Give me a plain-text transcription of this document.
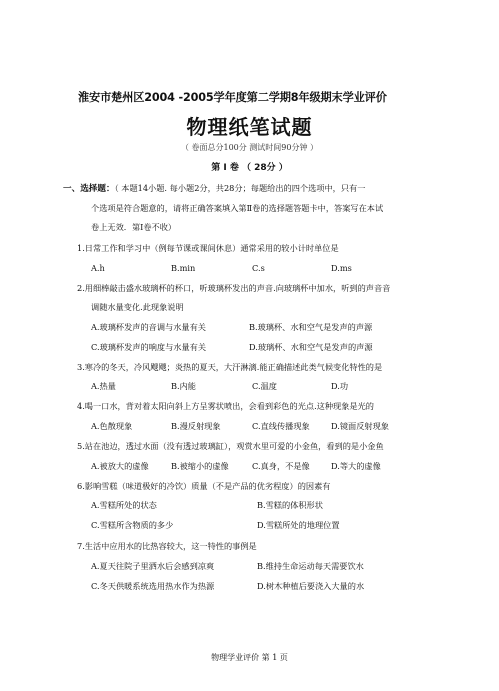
淮安市楚州区2004 -2005学年度第二学期8年级期末学业评价
物理纸笔试题
（ 卷面总分100分 测试时间90分钟 ）
第 Ⅰ 卷 （ 28分 ）
一、选择题：（ 本题14小题. 每小题2分，共28分；每题给出的四个选项中，只有一
个选项是符合题意的，请将正确答案填入第Ⅱ卷的选择题答题卡中，答案写在本试
卷上无效．第Ⅰ卷不收）
1.日常工作和学习中（例每节课或课间休息）通常采用的较小计时单位是
A.h	B.min	C.s	D.ms
2.用细棒敲击盛水玻璃杯的杯口，听玻璃杯发出的声音.向玻璃杯中加水，听到的声音音
调随水量变化.此现象说明
A.玻璃杯发声的音调与水量有关	B.玻璃杯、水和空气是发声的声源
C.玻璃杯发声的响度与水量有关	D.玻璃杯、水和空气是发声的声源
3.寒冷的冬天，冷风飕飕；炎热的夏天，大汗淋漓.能正确描述此类气候变化特性的是
A.热量	B.内能	C.温度	D.功
4.喝一口水，背对着太阳向斜上方呈雾状喷出，会看到彩色的光点.这种现象是光的
A.色散现象	B.漫反射现象	C.直线传播现象	D.镜面反射现象
5.站在池边，透过水面（没有透过玻璃缸），观赏水里可爱的小金鱼，看到的是小金鱼
A.被放大的虚像	B.被缩小的虚像	C.真身，不是像	D.等大的虚像
6.影响雪糕（味道极好的冷饮）质量（不是产品的优劣程度）的因素有
A.雪糕所处的状态	B.雪糕的体积形状
C.雪糕所含物质的多少	D.雪糕所处的地理位置
7.生活中应用水的比热容较大，这一特性的事例是
A.夏天往院子里洒水后会感到凉爽	B.维持生命运动每天需要饮水
C.冬天供暖系统选用热水作为热源	D.树木种植后要浇入大量的水
物理学业评价 第 1 页
